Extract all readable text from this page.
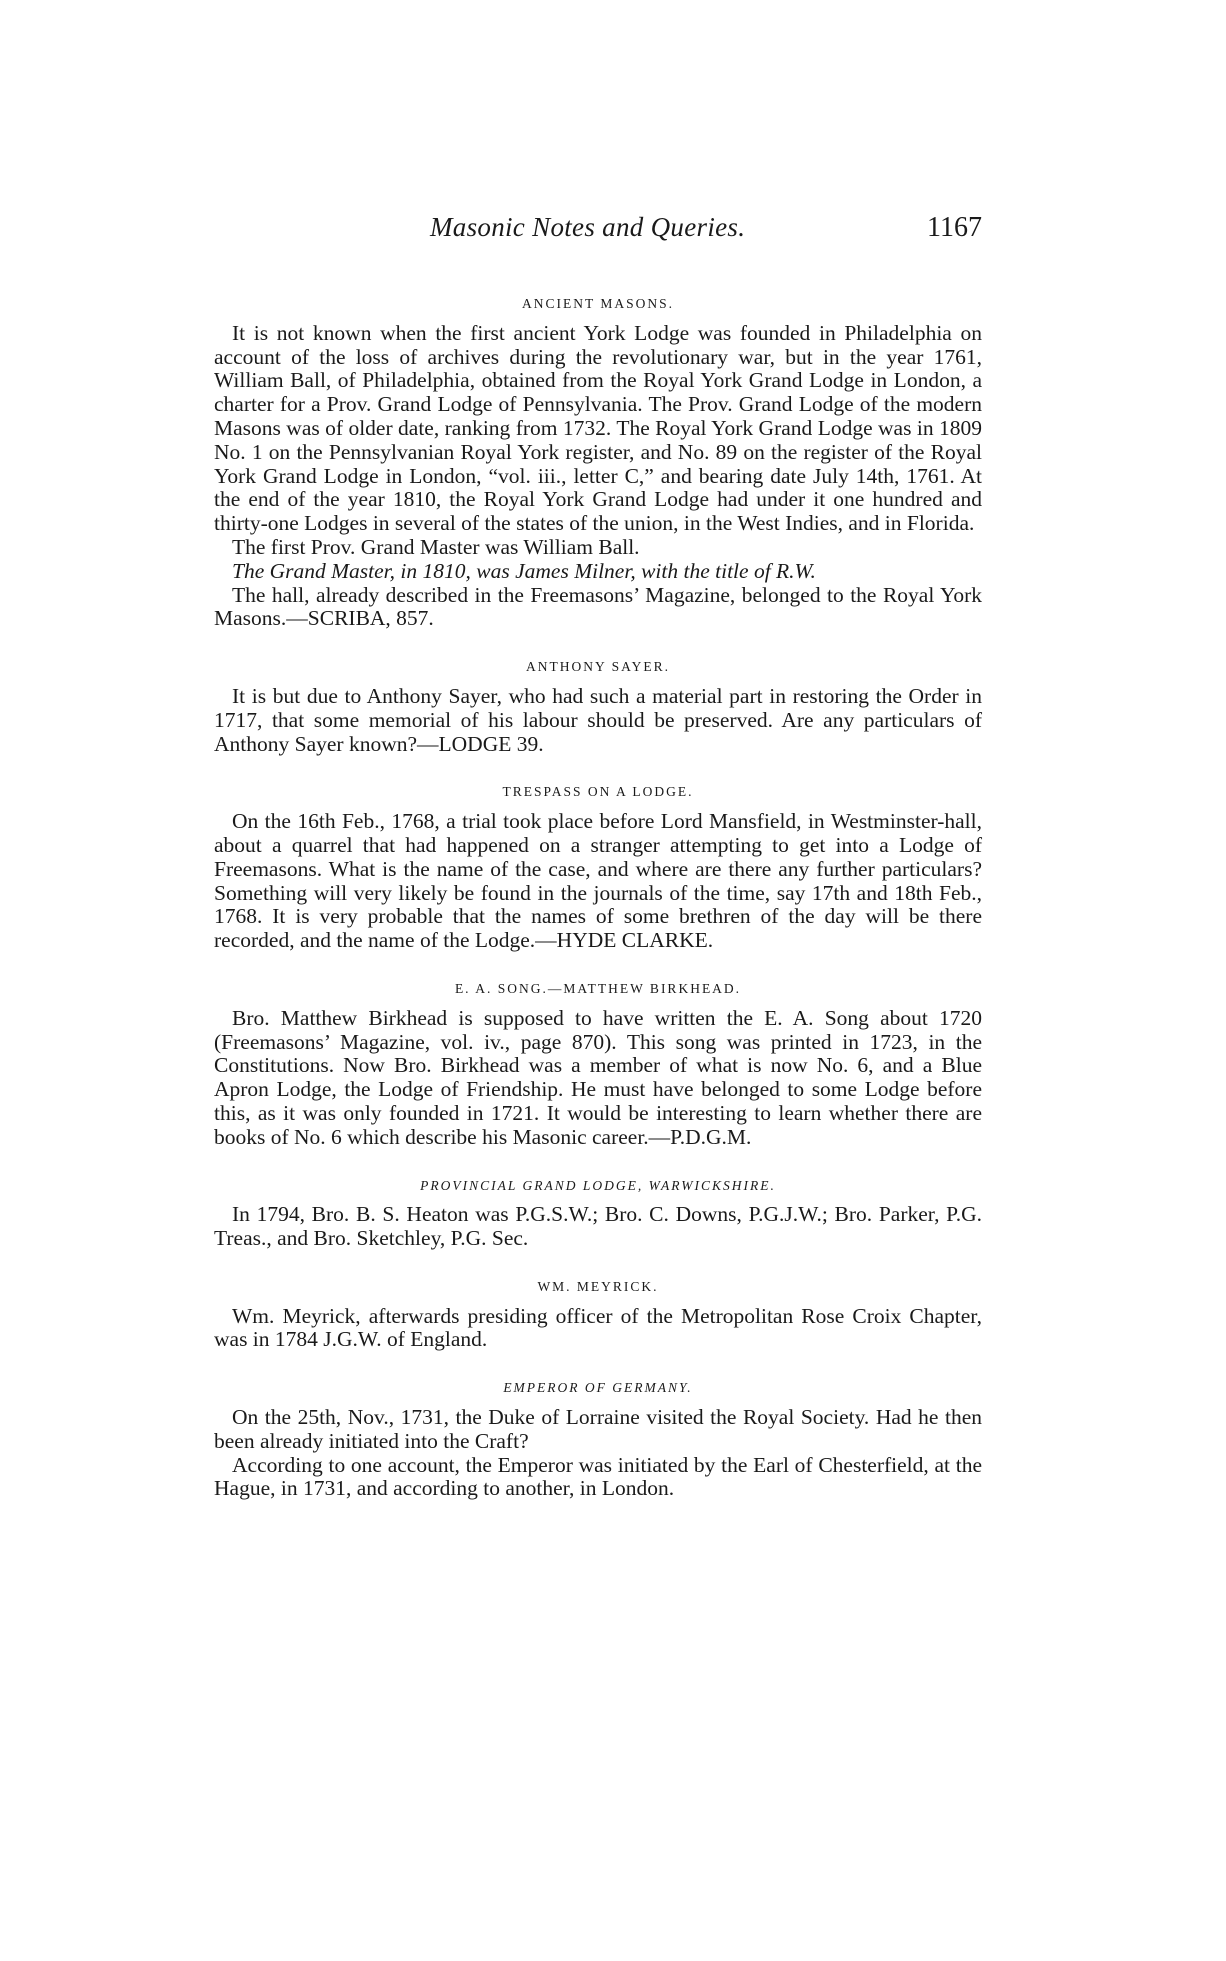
Masonic Notes and Queries.	1167
ANCIENT MASONS.

It is not known when the first ancient York Lodge was founded in Philadelphia on account of the loss of archives during the revolutionary war, but in the year 1761, William Ball, of Philadelphia, obtained from the Royal York Grand Lodge in London, a charter for a Prov. Grand Lodge of Pennsylvania. The Prov. Grand Lodge of the modern Masons was of older date, ranking from 1732. The Royal York Grand Lodge was in 1809 No. 1 on the Pennsylvanian Royal York register, and No. 89 on the register of the Royal York Grand Lodge in London, “vol. iii., letter C,” and bearing date July 14th, 1761. At the end of the year 1810, the Royal York Grand Lodge had under it one hundred and thirty-one Lodges in several of the states of the union, in the West Indies, and in Florida.

The first Prov. Grand Master was William Ball.

The Grand Master, in 1810, was James Milner, with the title of R.W.

The hall, already described in the Freemasons’ Magazine, belonged to the Royal York Masons.—SCRIBA, 857.

ANTHONY SAYER.

It is but due to Anthony Sayer, who had such a material part in restoring the Order in 1717, that some memorial of his labour should be preserved. Are any particulars of Anthony Sayer known?—LODGE 39.

TRESPASS ON A LODGE.

On the 16th Feb., 1768, a trial took place before Lord Mansfield, in Westminster-hall, about a quarrel that had happened on a stranger attempting to get into a Lodge of Freemasons. What is the name of the case, and where are there any further particulars? Something will very likely be found in the journals of the time, say 17th and 18th Feb., 1768. It is very probable that the names of some brethren of the day will be there recorded, and the name of the Lodge.—HYDE CLARKE.

E. A. SONG.—MATTHEW BIRKHEAD.

Bro. Matthew Birkhead is supposed to have written the E. A. Song about 1720 (Freemasons’ Magazine, vol. iv., page 870). This song was printed in 1723, in the Constitutions. Now Bro. Birkhead was a member of what is now No. 6, and a Blue Apron Lodge, the Lodge of Friendship. He must have belonged to some Lodge before this, as it was only founded in 1721. It would be interesting to learn whether there are books of No. 6 which describe his Masonic career.—P.D.G.M.

PROVINCIAL GRAND LODGE, WARWICKSHIRE.

In 1794, Bro. B. S. Heaton was P.G.S.W.; Bro. C. Downs, P.G.J.W.; Bro. Parker, P.G. Treas., and Bro. Sketchley, P.G. Sec.

WM. MEYRICK.

Wm. Meyrick, afterwards presiding officer of the Metropolitan Rose Croix Chapter, was in 1784 J.G.W. of England.

EMPEROR OF GERMANY.

On the 25th, Nov., 1731, the Duke of Lorraine visited the Royal Society. Had he then been already initiated into the Craft?

According to one account, the Emperor was initiated by the Earl of Chesterfield, at the Hague, in 1731, and according to another, in London.
